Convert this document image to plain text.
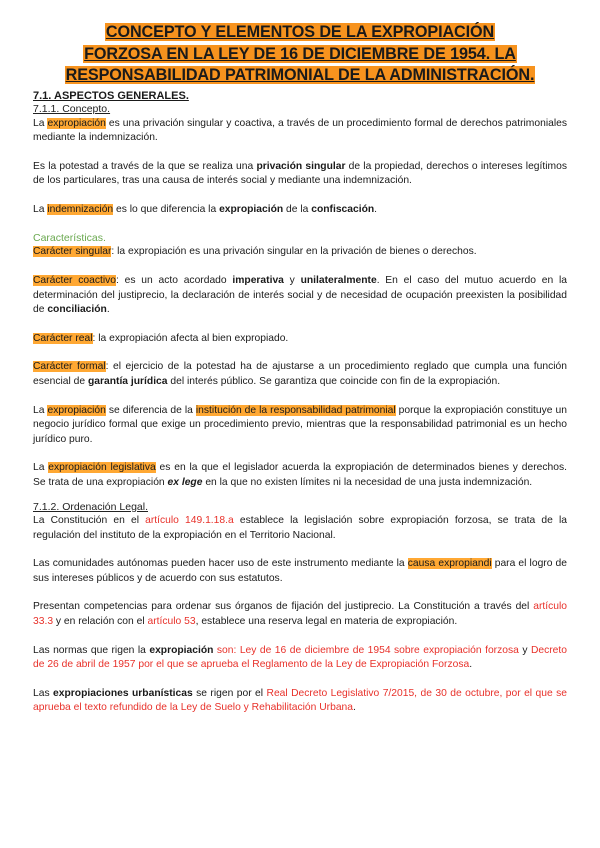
CONCEPTO Y ELEMENTOS DE LA EXPROPIACIÓN
FORZOSA EN LA LEY DE 16 DE DICIEMBRE DE 1954. LA
RESPONSABILIDAD PATRIMONIAL DE LA ADMINISTRACIÓN.
7.1. ASPECTOS GENERALES.
7.1.1. Concepto.

La expropiación es una privación singular y coactiva, a través de un procedimiento formal de derechos patrimoniales mediante la indemnización.

Es la potestad a través de la que se realiza una privación singular de la propiedad, derechos o intereses legítimos de los particulares, tras una causa de interés social y mediante una indemnización.

La indemnización es lo que diferencia la expropiación de la confiscación.

Características.

Carácter singular: la expropiación es una privación singular en la privación de bienes o derechos.

Carácter coactivo: es un acto acordado imperativa y unilateralmente. En el caso del mutuo acuerdo en la determinación del justiprecio, la declaración de interés social y de necesidad de ocupación preexisten la posibilidad de conciliación.

Carácter real: la expropiación afecta al bien expropiado.

Carácter formal: el ejercicio de la potestad ha de ajustarse a un procedimiento reglado que cumpla una función esencial de garantía jurídica del interés público. Se garantiza que coincide con fin de la expropiación.

La expropiación se diferencia de la institución de la responsabilidad patrimonial porque la expropiación constituye un negocio jurídico formal que exige un procedimiento previo, mientras que la responsabilidad patrimonial es un hecho jurídico puro.

La expropiación legislativa es en la que el legislador acuerda la expropiación de determinados bienes y derechos. Se trata de una expropiación ex lege en la que no existen límites ni la necesidad de una justa indemnización.

7.1.2. Ordenación Legal.

La Constitución en el artículo 149.1.18.a establece la legislación sobre expropiación forzosa, se trata de la regulación del instituto de la expropiación en el Territorio Nacional.

Las comunidades autónomas pueden hacer uso de este instrumento mediante la causa expropiandi para el logro de sus intereses públicos y de acuerdo con sus estatutos.

Presentan competencias para ordenar sus órganos de fijación del justiprecio. La Constitución a través del artículo 33.3 y en relación con el artículo 53, establece una reserva legal en materia de expropiación.

Las normas que rigen la expropiación son: Ley de 16 de diciembre de 1954 sobre expropiación forzosa y Decreto de 26 de abril de 1957 por el que se aprueba el Reglamento de la Ley de Expropiación Forzosa.

Las expropiaciones urbanísticas se rigen por el Real Decreto Legislativo 7/2015, de 30 de octubre, por el que se aprueba el texto refundido de la Ley de Suelo y Rehabilitación Urbana.
